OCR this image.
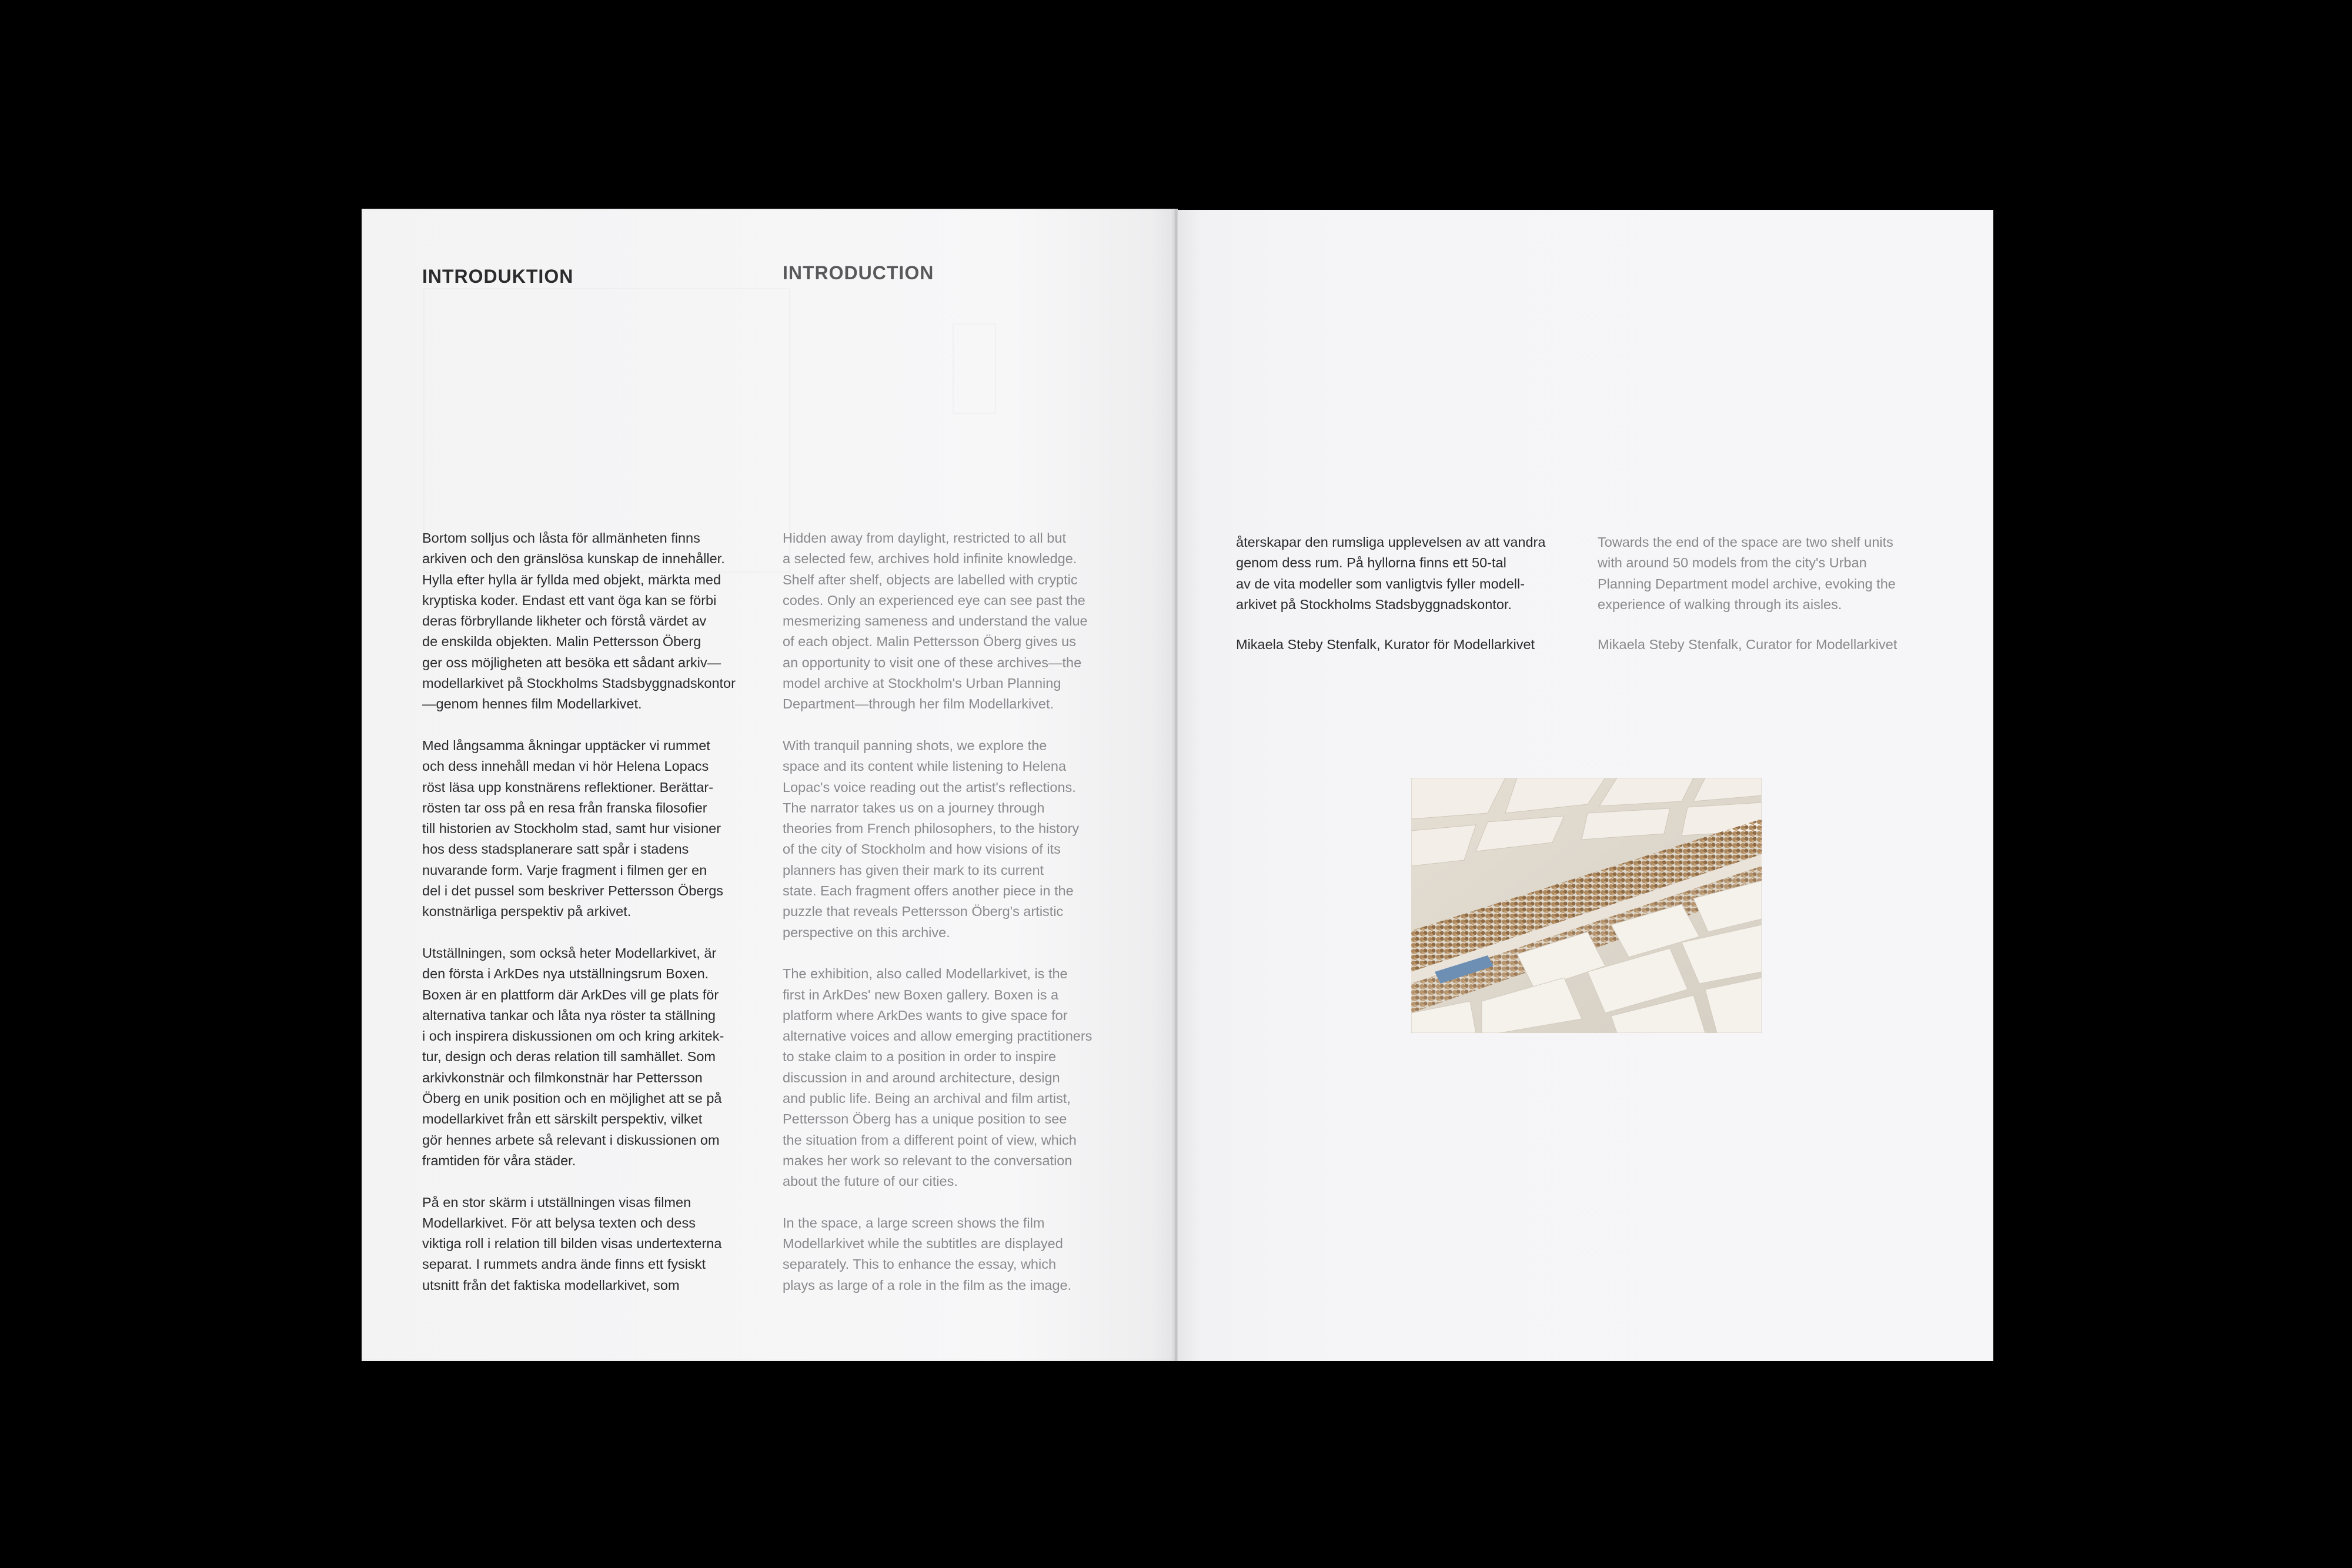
INTRODUKTION	INTRODUCTION
Bortom solljus och låsta för allmänheten finns
arkiven och den gränslösa kunskap de innehåller.
Hylla efter hylla är fyllda med objekt, märkta med
kryptiska koder. Endast ett vant öga kan se förbi
deras förbryllande likheter och förstå värdet av
de enskilda objekten. Malin Pettersson Öberg
ger oss möjligheten att besöka ett sådant arkiv—
modellarkivet på Stockholms Stadsbyggnadskontor
—genom hennes film Modellarkivet.
Med långsamma åkningar upptäcker vi rummet
och dess innehåll medan vi hör Helena Lopacs
röst läsa upp konstnärens reflektioner. Berättar-
rösten tar oss på en resa från franska filosofier
till historien av Stockholm stad, samt hur visioner
hos dess stadsplanerare satt spår i stadens
nuvarande form. Varje fragment i filmen ger en
del i det pussel som beskriver Pettersson Öbergs
konstnärliga perspektiv på arkivet.
Utställningen, som också heter Modellarkivet, är
den första i ArkDes nya utställningsrum Boxen.
Boxen är en plattform där ArkDes vill ge plats för
alternativa tankar och låta nya röster ta ställning
i och inspirera diskussionen om och kring arkitek-
tur, design och deras relation till samhället. Som
arkivkonstnär och filmkonstnär har Pettersson
Öberg en unik position och en möjlighet att se på
modellarkivet från ett särskilt perspektiv, vilket
gör hennes arbete så relevant i diskussionen om
framtiden för våra städer.
På en stor skärm i utställningen visas filmen
Modellarkivet. För att belysa texten och dess
viktiga roll i relation till bilden visas undertexterna
separat. I rummets andra ände finns ett fysiskt
utsnitt från det faktiska modellarkivet, som
Hidden away from daylight, restricted to all but
a selected few, archives hold infinite knowledge.
Shelf after shelf, objects are labelled with cryptic
codes. Only an experienced eye can see past the
mesmerizing sameness and understand the value
of each object. Malin Pettersson Öberg gives us
an opportunity to visit one of these archives—the
model archive at Stockholm's Urban Planning
Department—through her film Modellarkivet.
With tranquil panning shots, we explore the
space and its content while listening to Helena
Lopac's voice reading out the artist's reflections.
The narrator takes us on a journey through
theories from French philosophers, to the history
of the city of Stockholm and how visions of its
planners has given their mark to its current
state. Each fragment offers another piece in the
puzzle that reveals Pettersson Öberg's artistic
perspective on this archive.
The exhibition, also called Modellarkivet, is the
first in ArkDes' new Boxen gallery. Boxen is a
platform where ArkDes wants to give space for
alternative voices and allow emerging practitioners
to stake claim to a position in order to inspire
discussion in and around architecture, design
and public life. Being an archival and film artist,
Pettersson Öberg has a unique position to see
the situation from a different point of view, which
makes her work so relevant to the conversation
about the future of our cities.
In the space, a large screen shows the film
Modellarkivet while the subtitles are displayed
separately. This to enhance the essay, which
plays as large of a role in the film as the image.
återskapar den rumsliga upplevelsen av att vandra
genom dess rum. På hyllorna finns ett 50-tal
av de vita modeller som vanligtvis fyller modell-
arkivet på Stockholms Stadsbyggnadskontor.
Towards the end of the space are two shelf units
with around 50 models from the city's Urban
Planning Department model archive, evoking the
experience of walking through its aisles.
Mikaela Steby Stenfalk, Kurator för Modellarkivet	Mikaela Steby Stenfalk, Curator for Modellarkivet
